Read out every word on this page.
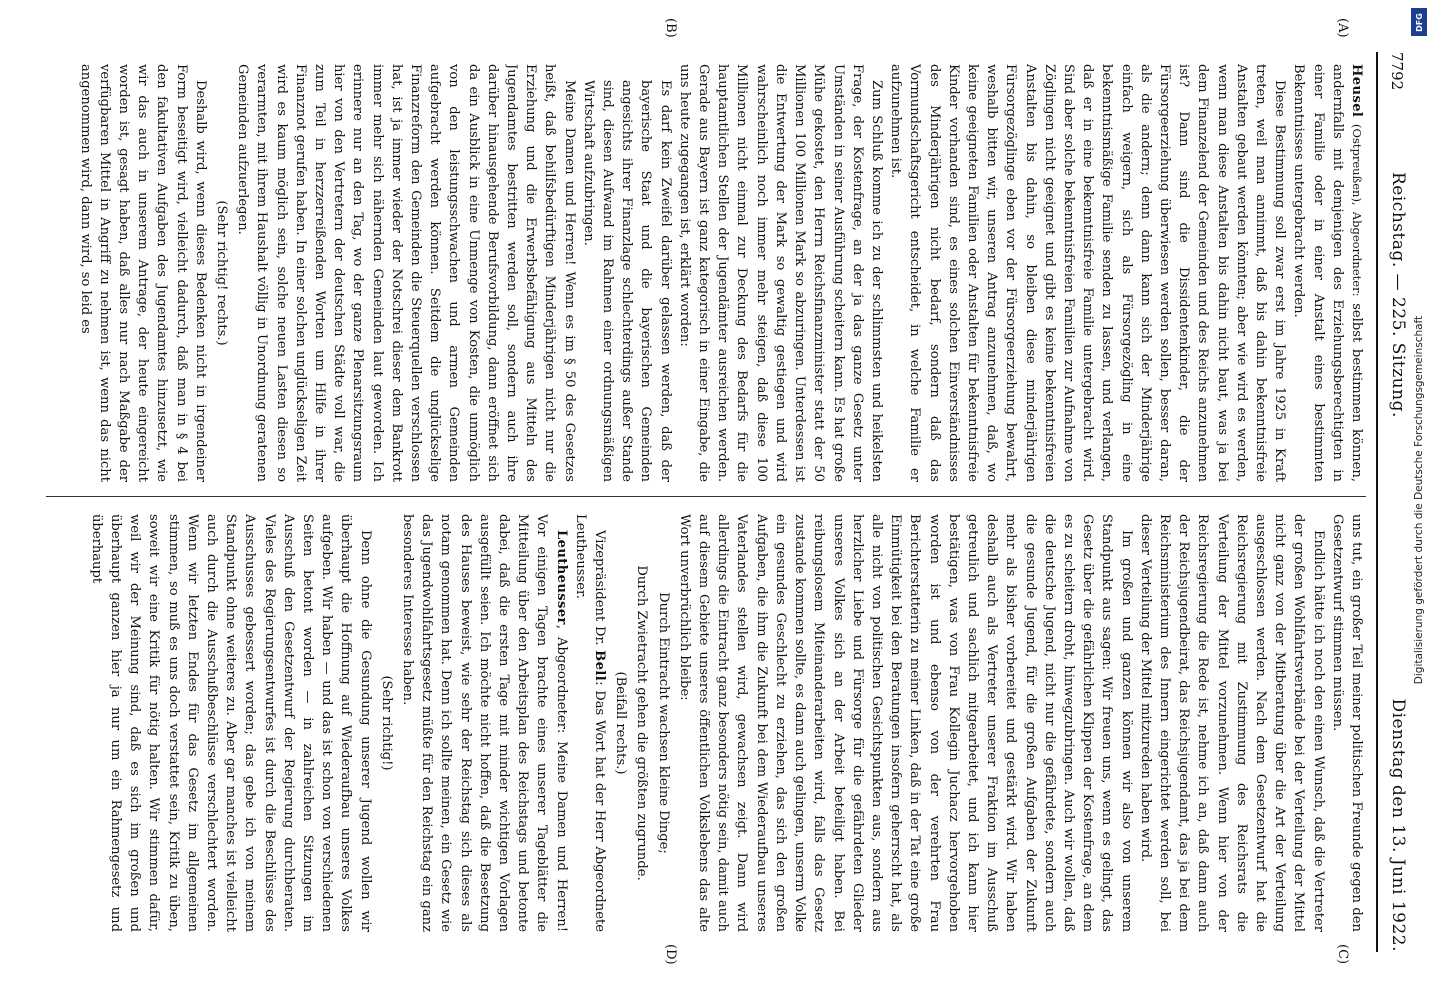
7792
Reichstag. — 225. Sitzung.
Dienstag den 13. Juni 1922.
(A)
(B)
(C)
(D)

Heusel (Ostpreußen), Abgeordneter: selbst bestimmen können, andernfalls mit demjenigen des Erziehungsberechtigten in einer Familie oder in einer Anstalt eines bestimmten Bekenntnisses untergebracht werden.

Diese Bestimmung soll zwar erst im Jahre 1925 in Kraft treten, weil man annimmt, daß bis dahin bekenntnisfreie Anstalten gebaut werden könnten; aber wie wird es werden, wenn man diese Anstalten bis dahin nicht baut, was ja bei dem Finanzelend der Gemeinden und des Reichs anzunehmen ist? Dann sind die Dissidentenkinder, die der Fürsorgeerziehung überwiesen werden sollen, besser daran, als die andern; denn dann kann sich der Minderjährige einfach weigern, sich als Fürsorgezögling in eine bekenntnismäßige Familie senden zu lassen, und verlangen, daß er in eine bekenntnisfreie Familie untergebracht wird. Sind aber solche bekenntnisfreien Familien zur Aufnahme von Zöglingen nicht geeignet und gibt es keine bekenntnisfreien Anstalten bis dahin, so bleiben diese minderjährigen Fürsorgezöglinge eben vor der Fürsorgeerziehung bewahrt, weshalb bitten wir, unseren Antrag anzunehmen, daß, wo keine geeigneten Familien oder Anstalten für bekenntnisfreie Kinder vorhanden sind, es eines solchen Einverständnisses des Minderjährigen nicht bedarf, sondern daß das Vormundschaftsgericht entscheidet, in welche Familie er aufzunehmen ist.

Zum Schluß komme ich zu der schlimmsten und heikelsten Frage, der Kostenfrage, an der ja das ganze Gesetz unter Umständen in seiner Ausführung scheitern kann. Es hat große Mühe gekostet, den Herrn Reichsfinanzminister statt der 50 Millionen 100 Millionen Mark so abzuringen. Unterdessen ist die Entwertung der Mark so gewaltig gestiegen und wird wahrscheinlich noch immer mehr steigen, daß diese 100 Millionen nicht einmal zur Deckung des Bedarfs für die hauptamtlichen Stellen der Jugendämter ausreichen werden. Gerade aus Bayern ist ganz kategorisch in einer Eingabe, die uns heute zugegangen ist, erklärt worden:

Es darf kein Zweifel darüber gelassen werden, daß der bayerische Staat und die bayerischen Gemeinden angesichts ihrer Finanzlage schlechterdings außer Stande sind, diesen Aufwand im Rahmen einer ordnungsmäßigen Wirtschaft aufzubringen.

Meine Damen und Herren! Wenn es im § 50 des Gesetzes heißt, daß behilfsbedürftigen Minderjährigen nicht nur die Erziehung und die Erwerbsbefähigung aus Mitteln des Jugendamtes bestritten werden soll, sondern auch ihre darüber hinausgehende Berufsvorbildung, dann eröffnet sich da ein Ausblick in eine Unmenge von Kosten, die unmöglich von den leistungsschwachen und armen Gemeinden aufgebracht werden können. Seitdem die unglückselige Finanzreform den Gemeinden die Steuerquellen verschlossen hat, ist ja immer wieder der Notschrei dieser dem Bankrott immer mehr sich nähernden Gemeinden laut geworden. Ich erinnere nur an den Tag, wo der ganze Plenarsitzungsraum hier von den Vertretern der deutschen Städte voll war, die zum Teil in herzzerreißenden Worten um Hilfe in ihrer Finanznot gerufen haben. In einer solchen unglückseligen Zeit wird es kaum möglich sein, solche neuen Lasten diesen so verarmten, mit ihrem Haushalt völlig in Unordnung geratenen Gemeinden aufzuerlegen.

(Sehr richtig! rechts.)

Deshalb wird, wenn dieses Bedenken nicht in irgendeiner Form beseitigt wird, vielleicht dadurch, daß man in § 4 bei den fakultativen Aufgaben des Jugendamtes hinzusetzt, wie wir das auch in unserem Antrage, der heute eingereicht worden ist, gesagt haben, daß alles nur nach Maßgabe der verfügbaren Mittel in Angriff zu nehmen ist, wenn das nicht angenommen wird, dann wird, so leid es

uns tut, ein großer Teil meiner politischen Freunde gegen den Gesetzentwurf stimmen müssen.

Endlich hätte ich noch den einen Wunsch, daß die Vertreter der großen Wohlfahrtsverbände bei der Verteilung der Mittel nicht ganz von der Mitberatung über die Art der Verteilung ausgeschlossen werden. Nach dem Gesetzentwurf hat die Reichsregierung mit Zustimmung des Reichsrats die Verteilung der Mittel vorzunehmen. Wenn hier von der Reichsregierung die Rede ist, nehme ich an, daß dann auch der Reichsjugendbeirat, das Reichsjugendamt, das ja bei dem Reichsministerium des Innern eingerichtet werden soll, bei dieser Verteilung der Mittel mitzureden haben wird.

Im großen und ganzen können wir also von unserem Standpunkt aus sagen: Wir freuen uns, wenn es gelingt, das Gesetz über die gefährlichen Klippen der Kostenfrage, an dem es zu scheitern droht, hinwegzubringen. Auch wir wollen, daß die deutsche Jugend, nicht nur die gefährdete, sondern auch die gesunde Jugend, für die großen Aufgaben der Zukunft mehr als bisher vorbereitet und gestärkt wird. Wir haben deshalb auch als Vertreter unserer Fraktion im Ausschuß getreulich und sachlich mitgearbeitet, und ich kann hier bestätigen, was von Frau Kollegin Juchacz hervorgehoben worden ist und ebenso von der verehrten Frau Berichterstatterin zu meiner Linken, daß in der Tat eine große Einmütigkeit bei den Beratungen insofern geherrscht hat, als alle nicht von politischen Gesichtspunkten aus, sondern aus herzlicher Liebe und Fürsorge für die gefährdeten Glieder unseres Volkes sich an der Arbeit beteiligt haben. Bei reibungslosem Miteinanderarbeiten wird, falls das Gesetz zustande kommen sollte, es dann auch gelingen, unserm Volke ein gesundes Geschlecht zu erziehen, das sich den großen Aufgaben, die ihm die Zukunft bei dem Wiederaufbau unseres Vaterlandes stellen wird, gewachsen zeigt. Dann wird allerdings die Eintracht ganz besonders nötig sein, damit auch auf diesem Gebiete unseres öffentlichen Volkslebens das alte Wort unverbrüchlich bleibe:

Durch Eintracht wachsen kleine Dinge;

Durch Zwietracht gehen die größten zugrunde.

(Beifall rechts.)

Vizepräsident Dr. Bell: Das Wort hat der Herr Abgeordnete Leutheusser.

Leutheusser, Abgeordneter: Meine Damen und Herren! Vor einigen Tagen brachte eines unserer Tageblätter die Mitteilung über den Arbeitsplan des Reichstags und betonte dabei, daß die ersten Tage mit minder wichtigen Vorlagen ausgefüllt seien. Ich möchte nicht hoffen, daß die Besetzung des Hauses beweist, wie sehr der Reichstag sich dieses als notam genommen hat. Denn ich sollte meinen, ein Gesetz wie das Jugendwohlfahrtsgesetz müßte für den Reichstag ein ganz besonderes Interesse haben.

(Sehr richtig!)

Denn ohne die Gesundung unserer Jugend wollen wir überhaupt die Hoffnung auf Wiederaufbau unseres Volkes aufgeben. Wir haben — und das ist schon von verschiedenen Seiten betont worden — in zahlreichen Sitzungen im Ausschuß den Gesetzentwurf der Regierung durchberaten. Vieles des Regierungsentwurfes ist durch die Beschlüsse des Ausschusses gebessert worden; das gebe ich von meinem Standpunkt ohne weiteres zu. Aber gar manches ist vielleicht auch durch die Ausschußbeschlüsse verschlechtert worden. Wenn wir letzten Endes für das Gesetz im allgemeinen stimmen, so muß es uns doch verstattet sein, Kritik zu üben, soweit wir eine Kritik für nötig halten. Wir stimmen dafür, weil wir der Meinung sind, daß es sich im großen und überhaupt ganzen hier ja nur um ein Rahmengesetz und überhaupt

DFG
Digitalisierung gefördert durch die Deutsche Forschungsgemeinschaft
